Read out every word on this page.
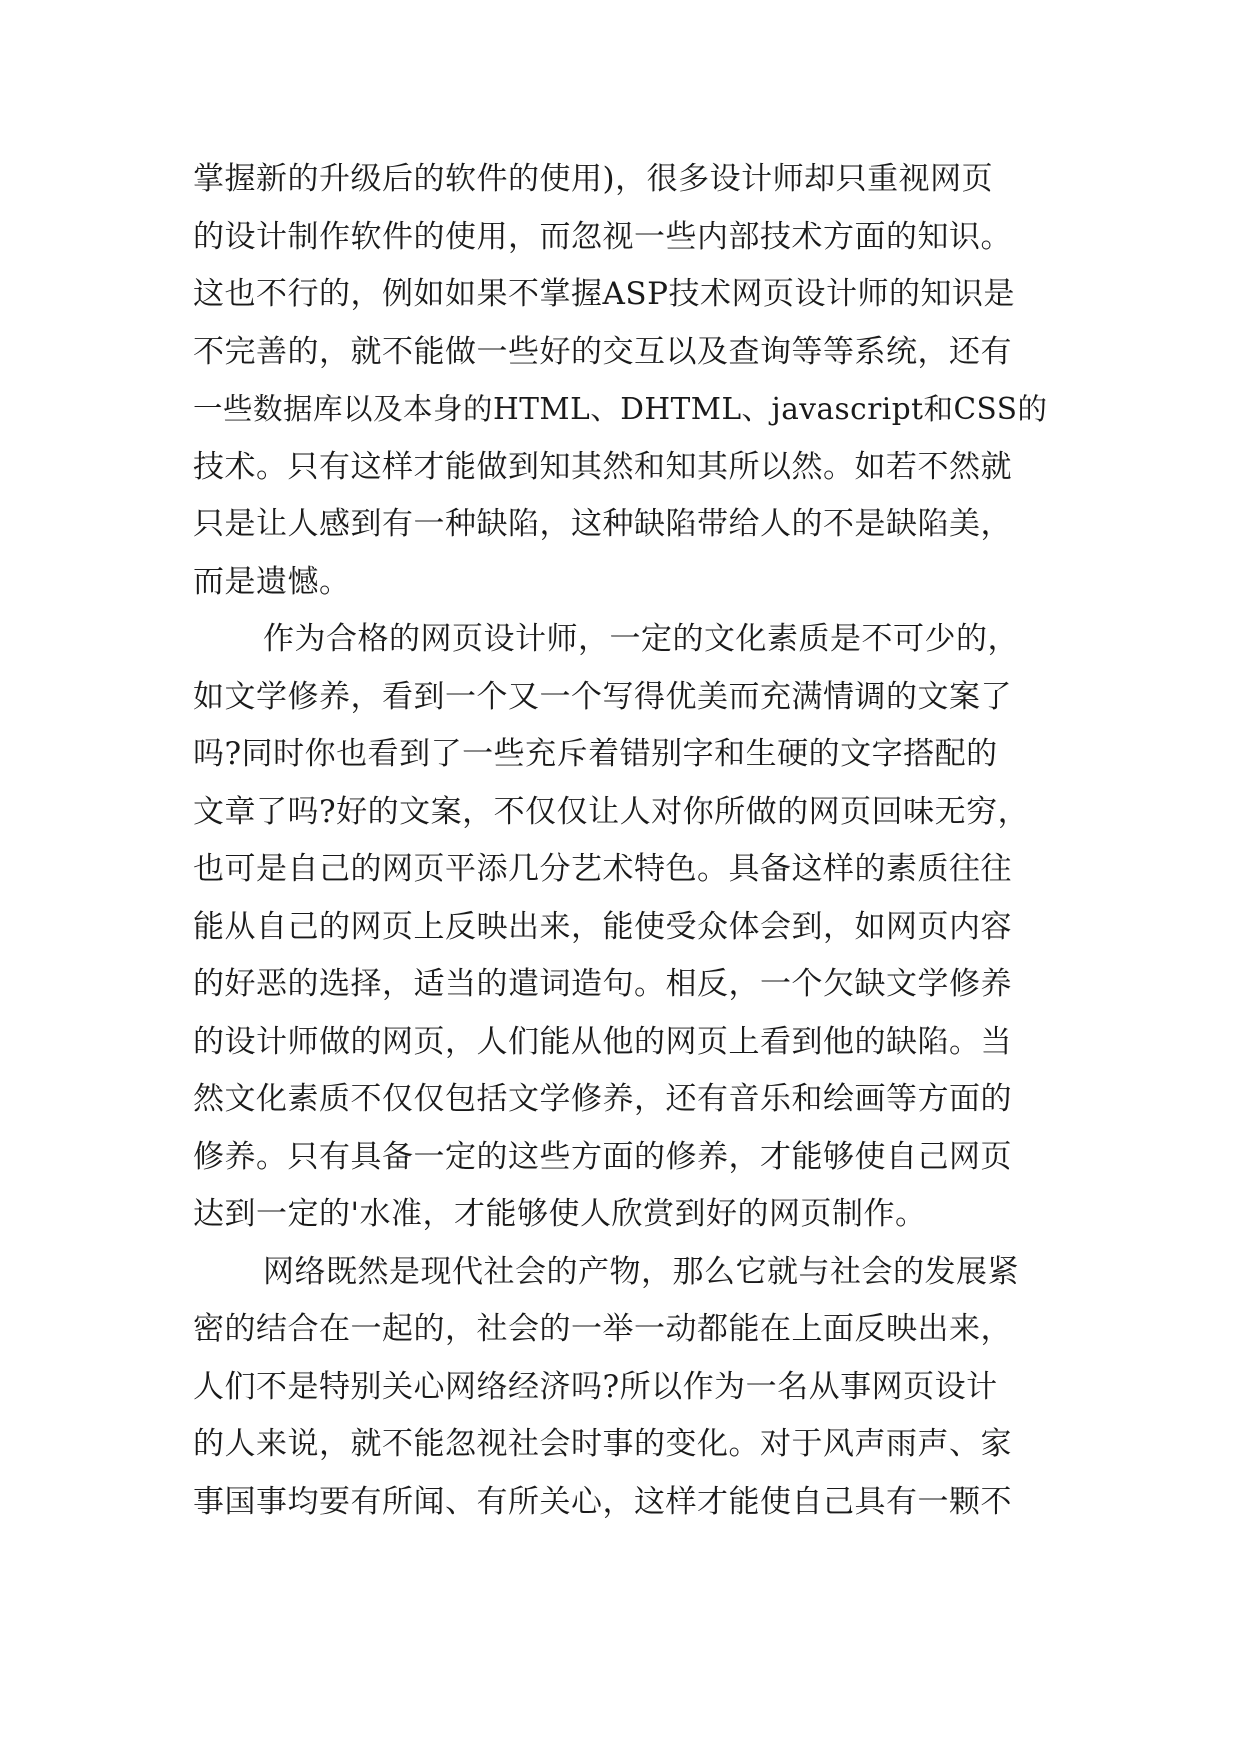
掌握新的升级后的软件的使用)，很多设计师却只重视网页
的设计制作软件的使用，而忽视一些内部技术方面的知识。
这也不行的，例如如果不掌握ASP技术网页设计师的知识是
不完善的，就不能做一些好的交互以及查询等等系统，还有
一些数据库以及本身的HTML、DHTML、javascript和CSS的
技术。只有这样才能做到知其然和知其所以然。如若不然就
只是让人感到有一种缺陷，这种缺陷带给人的不是缺陷美，
而是遗憾。
作为合格的网页设计师，一定的文化素质是不可少的，
如文学修养，看到一个又一个写得优美而充满情调的文案了
吗?同时你也看到了一些充斥着错别字和生硬的文字搭配的
文章了吗?好的文案，不仅仅让人对你所做的网页回味无穷，
也可是自己的网页平添几分艺术特色。具备这样的素质往往
能从自己的网页上反映出来，能使受众体会到，如网页内容
的好恶的选择，适当的遣词造句。相反，一个欠缺文学修养
的设计师做的网页，人们能从他的网页上看到他的缺陷。当
然文化素质不仅仅包括文学修养，还有音乐和绘画等方面的
修养。只有具备一定的这些方面的修养，才能够使自己网页
达到一定的'水准，才能够使人欣赏到好的网页制作。
网络既然是现代社会的产物，那么它就与社会的发展紧
密的结合在一起的，社会的一举一动都能在上面反映出来，
人们不是特别关心网络经济吗?所以作为一名从事网页设计
的人来说，就不能忽视社会时事的变化。对于风声雨声、家
事国事均要有所闻、有所关心，这样才能使自己具有一颗不
